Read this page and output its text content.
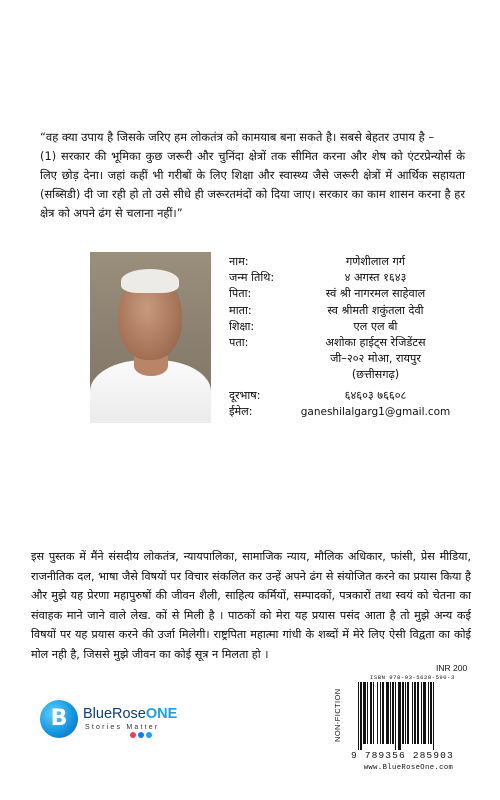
“वह क्या उपाय है जिसके जरिए हम लोकतंत्र को कामयाब बना सकते है। सबसे बेहतर उपाय है –

(1) सरकार की भूमिका कुछ जरूरी और चुनिंदा क्षेत्रों तक सीमित करना और शेष को एंटरप्रेन्योर्स के लिए छोड़ देना। जहां कहीं भी गरीबों के लिए शिक्षा और स्वास्थ्य जैसे जरूरी क्षेत्रों में आर्थिक सहायता (सब्सिडी) दी जा रही हो तो उसे सीधे ही जरूरतमंदों को दिया जाए। सरकार का काम शासन करना है हर क्षेत्र को अपने ढंग से चलाना नहीं।”

नाम:	गणेशीलाल गर्ग
जन्म तिथि:	४ अगस्त १६४३
पिता:	स्वं श्री नागरमल साहेवाल
माता:	स्व श्रीमती शकुंतला देवी
शिक्षा:	एल एल बी
पता:	अशोका हाईट्स रेजिडेंटस
जी–२०२ मोआ, रायपुर
(छत्तीसगढ़)
दूरभाष:	६४६०३ ७६६०८
ईमेल:	ganeshilalgarg1@gmail.com

इस पुस्तक में मैंने संसदीय लोकतंत्र, न्यायपालिका, सामाजिक न्याय, मौलिक अधिकार, फांसी, प्रेस मीडिया, राजनीतिक दल, भाषा जैसे विषयों पर विचार संकलित कर उन्हें अपने ढंग से संयोजित करने का प्रयास किया है और मुझे यह प्रेरणा महापुरुषों की जीवन शैली, साहित्य कर्मियों, सम्पादकों, पत्रकारों तथा स्वयं को चेतना का संवाहक माने जाने वाले लेख. कों से मिली है । पाठकों को मेरा यह प्रयास पसंद आता है तो मुझे अन्य कई विषयों पर यह प्रयास करने की उर्जा मिलेगी। राष्ट्रपिता महात्मा गांधी के शब्दों में मेरे लिए ऐसी विद्वता का कोई मोल नही है, जिससे मुझे जीवन का कोई सूत्र न मिलता हो ।

INR 200
B	BlueRoseONE
Stories Matter	NON-FICTION
ISBN 978-93-5628-590-3
9 789356 285903
www.BlueRoseOne.com
